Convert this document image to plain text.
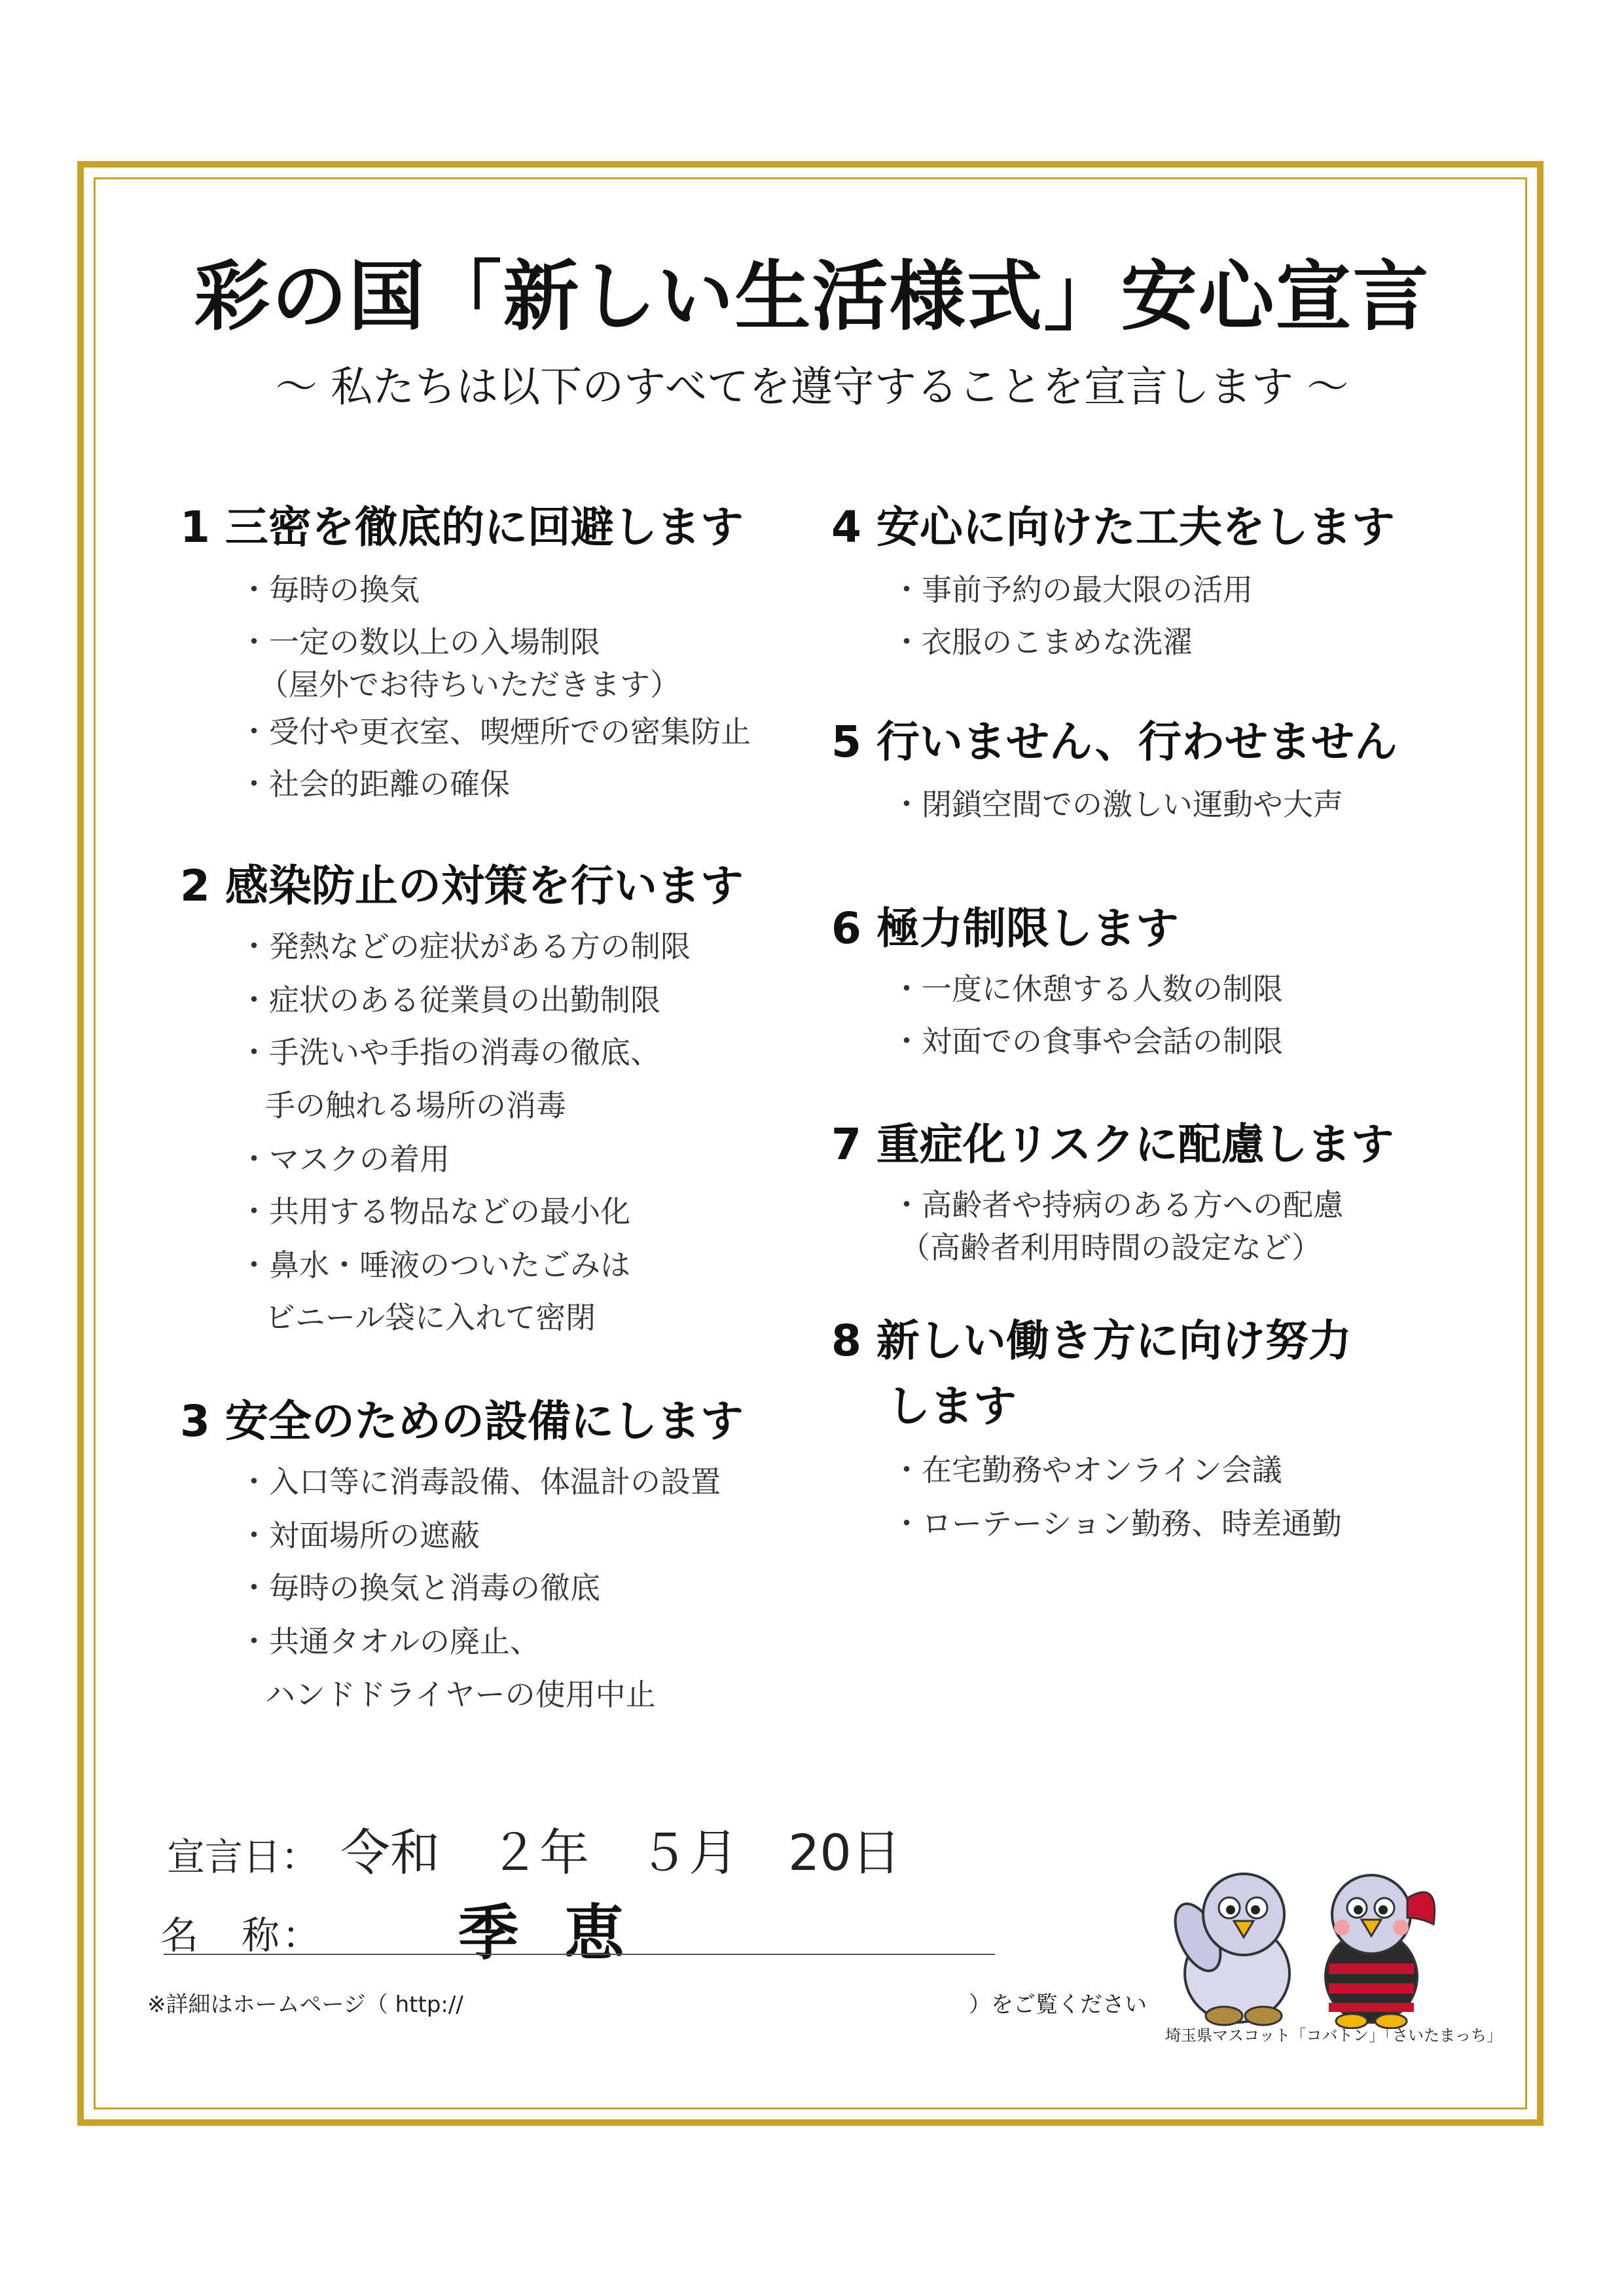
彩の国「新しい生活様式」安心宣言
～ 私たちは以下のすべてを遵守することを宣言します ～
1 三密を徹底的に回避します
・毎時の換気
・一定の数以上の入場制限
（屋外でお待ちいただきます）
・受付や更衣室、喫煙所での密集防止
・社会的距離の確保
2 感染防止の対策を行います
・発熱などの症状がある方の制限
・症状のある従業員の出勤制限
・手洗いや手指の消毒の徹底、
手の触れる場所の消毒
・マスクの着用
・共用する物品などの最小化
・鼻水・唾液のついたごみは
ビニール袋に入れて密閉
3 安全のための設備にします
・入口等に消毒設備、体温計の設置
・対面場所の遮蔽
・毎時の換気と消毒の徹底
・共通タオルの廃止、
ハンドドライヤーの使用中止
4 安心に向けた工夫をします
・事前予約の最大限の活用
・衣服のこまめな洗濯
5 行いません、行わせません
・閉鎖空間での激しい運動や大声
6 極力制限します
・一度に休憩する人数の制限
・対面での食事や会話の制限
7 重症化リスクに配慮します
・高齢者や持病のある方への配慮
（高齢者利用時間の設定など）
8 新しい働き方に向け努力
します
・在宅勤務やオンライン会議
・ローテーション勤務、時差通勤
宣言日： 令和　２年　５月　20日
名　称： 季恵
※詳細はホームページ（ http://	）をご覧ください
埼玉県マスコット「コバトン」「さいたまっち」
